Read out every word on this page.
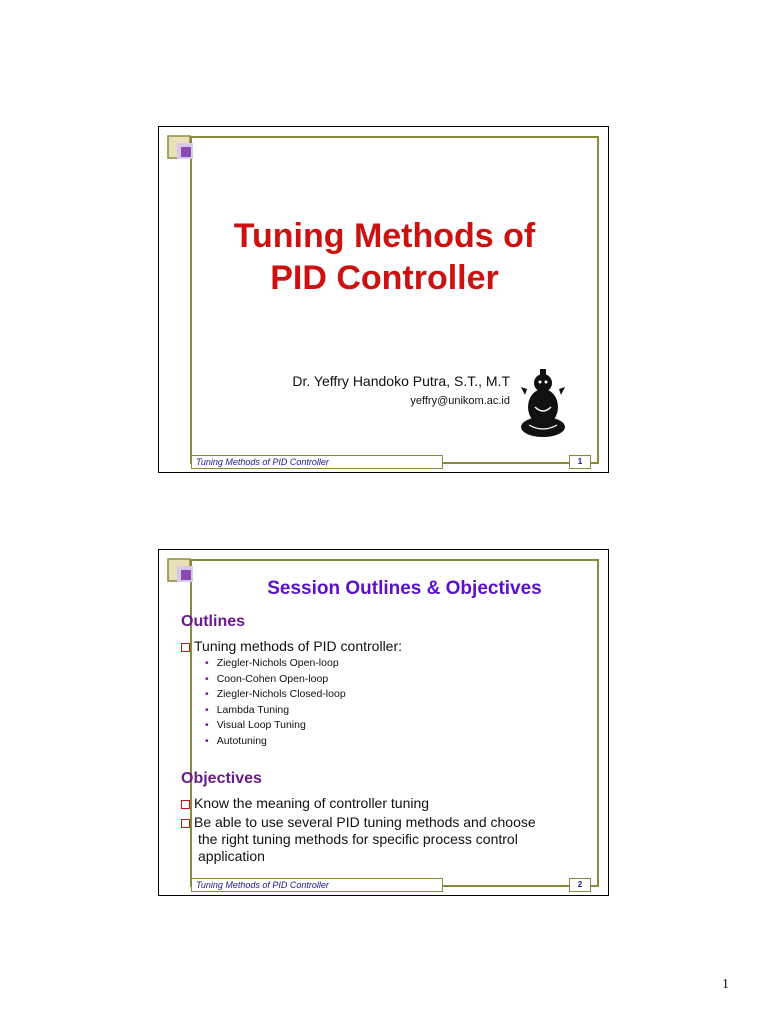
Tuning Methods of
PID Controller
Dr. Yeffry Handoko Putra, S.T., M.T
yeffry@unikom.ac.id
Tuning Methods of PID Controller	1
Session Outlines & Objectives
Outlines
Tuning methods of PID controller:
• Ziegler-Nichols Open-loop
• Coon-Cohen Open-loop
• Ziegler-Nichols Closed-loop
• Lambda Tuning
• Visual Loop Tuning
• Autotuning
Objectives
Know the meaning of controller tuning
Be able to use several PID tuning methods and choose
the right tuning methods for specific process control
application
Tuning Methods of PID Controller	2
1
